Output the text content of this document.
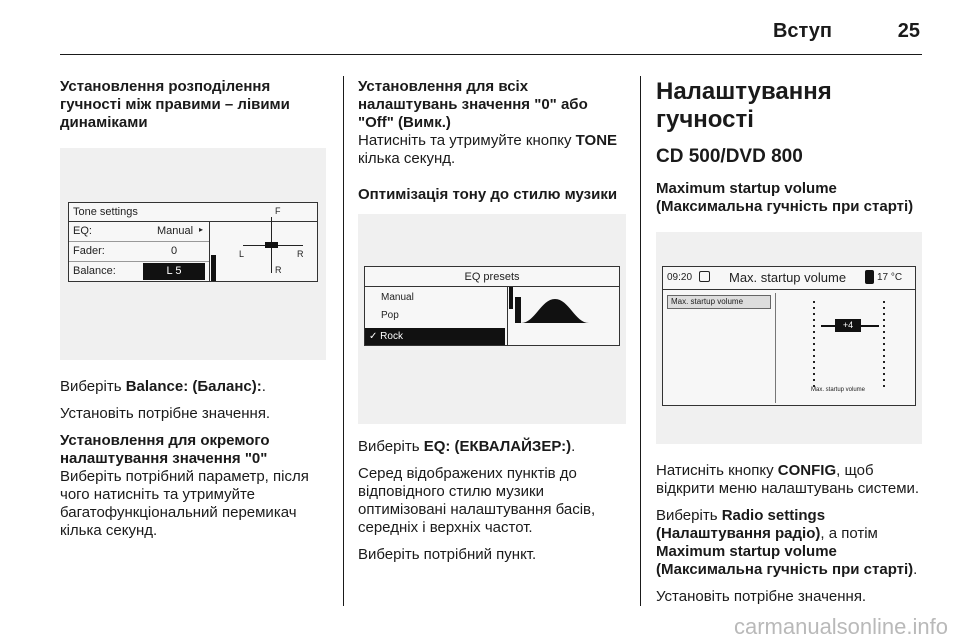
Вступ	25
Установлення розподілення гучності між правими – лівими динаміками
Tone settings
EQ:	Manual ▸
Fader:	0
Balance:	L 5
F
R
L	R
Виберіть Balance: (Баланс):.
Установіть потрібне значення.
Установлення для окремого налаштування значення "0"
Виберіть потрібний параметр, після чого натисніть та утримуйте багатофункціональний перемикач кілька секунд.
Установлення для всіх налаштувань значення "0" або "Off" (Вимк.)
Натисніть та утримуйте кнопку TONE кілька секунд.
Оптимізація тону до стилю музики
EQ presets
Manual
Pop
✓ Rock
Виберіть EQ: (ЕКВАЛАЙЗЕР:).
Серед відображених пунктів до відповідного стилю музики оптимізовані налаштування басів, середніх і верхніх частот.
Виберіть потрібний пункт.
Налаштування гучності
CD 500/DVD 800
Maximum startup volume (Максимальна гучність при старті)
09:20	Max. startup volume	17 °C
Max. startup volume
+4
Max. startup volume
Натисніть кнопку CONFIG, щоб відкрити меню налаштувань системи.
Виберіть Radio settings (Налаштування радіо), а потім Maximum startup volume (Максимальна гучність при старті).
Установіть потрібне значення.
carmanualsonline.info
